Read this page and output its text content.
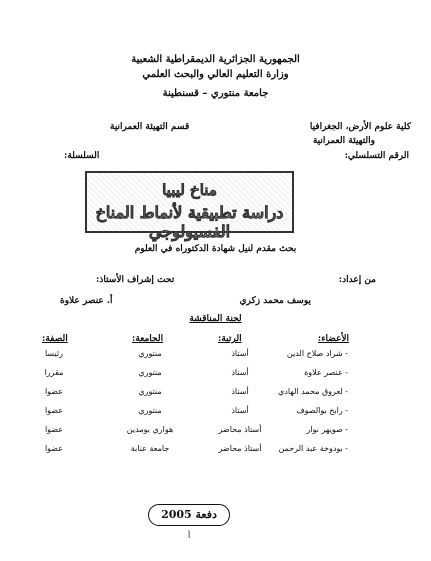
الجمهورية الجزائرية الديمقراطية الشعبية
وزارة التعليم العالي والبحث العلمي
جامعة منتوري – قسنطينة
كلية علوم الأرض، الجغرافيا
والتهيئة العمرانية
قسم التهيئة العمرانية
الرقم التسلسلي:
السلسلة:
مناخ ليبيا
دراسة تطبيقية لأنماط المناخ الفسيولوجي
بحث مقدم لنيل شهادة الدكتوراه في العلوم
من إعداد:
تحت إشراف الأستاذ:
يوسف محمد زكري
أ. عنصر علاوة
لجنة المناقشة
الأعضاء:
الرتبة:
الجامعة:
الصفة:
- شراد صلاح الدين
أستاذ
منتوري
رئيسا
- عنصر علاوة
أستاذ
منتوري
مقررا
- لعروق محمد الهادي
أستاذ
منتوري
عضوا
- رابح بوالصوف
أستاذ
منتوري
عضوا
- صويهر نوار
أستاذ محاضر
هواري بومدين
عضوا
- بودوخة عبد الرحمن
أستاذ محاضر
جامعة عنابة
عضوا
دفعة 2005
أ
